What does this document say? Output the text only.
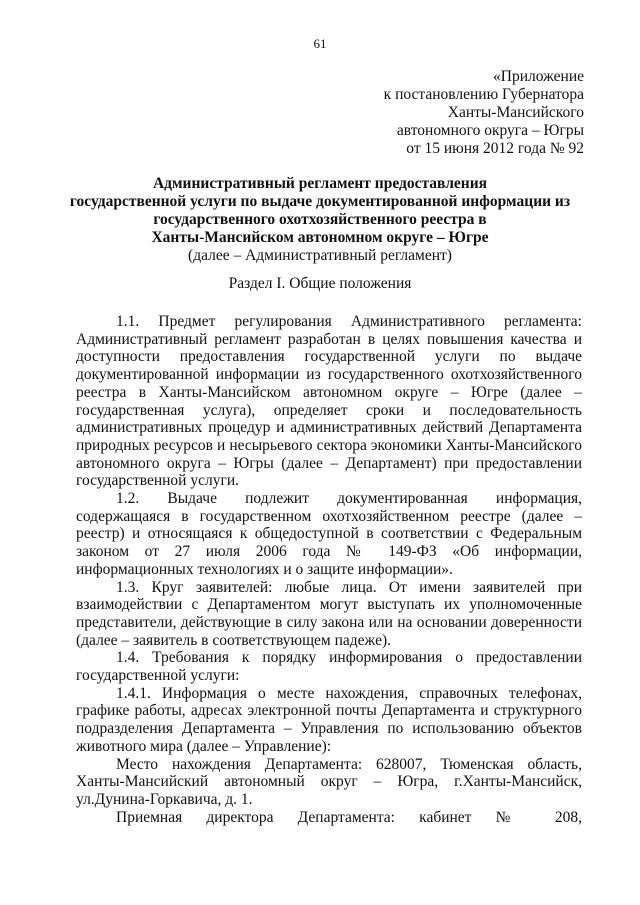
61
«Приложение
к постановлению Губернатора
Ханты-Мансийского
автономного округа – Югры
от 15 июня 2012 года № 92
Административный регламент предоставления
государственной услуги по выдаче документированной информации из
государственного охотхозяйственного реестра в
Ханты-Мансийском автономном округе – Югре
(далее – Административный регламент)
Раздел I. Общие положения

1.1. Предмет регулирования Административного регламента: Административный регламент разработан в целях повышения качества и доступности предоставления государственной услуги по выдаче документированной информации из государственного охотхозяйственного реестра в Ханты-Мансийском автономном округе – Югре (далее – государственная услуга), определяет сроки и последовательность административных процедур и административных действий Департамента природных ресурсов и несырьевого сектора экономики Ханты-Мансийского автономного округа – Югры (далее – Департамент) при предоставлении государственной услуги.

1.2. Выдаче подлежит документированная информация, содержащаяся в государственном охотхозяйственном реестре (далее – реестр) и относящаяся к общедоступной в соответствии с Федеральным законом от 27 июля 2006 года № 149-ФЗ «Об информации, информационных технологиях и о защите информации».

1.3. Круг заявителей: любые лица. От имени заявителей при взаимодействии с Департаментом могут выступать их уполномоченные представители, действующие в силу закона или на основании доверенности (далее – заявитель в соответствующем падеже).

1.4. Требования к порядку информирования о предоставлении государственной услуги:

1.4.1. Информация о месте нахождения, справочных телефонах, графике работы, адресах электронной почты Департамента и структурного подразделения Департамента – Управления по использованию объектов животного мира (далее – Управление):

Место нахождения Департамента: 628007, Тюменская область, Ханты-Мансийский автономный округ – Югра, г.Ханты-Мансийск, ул.Дунина-Горкавича, д. 1.

Приемная директора Департамента: кабинет № 208,
